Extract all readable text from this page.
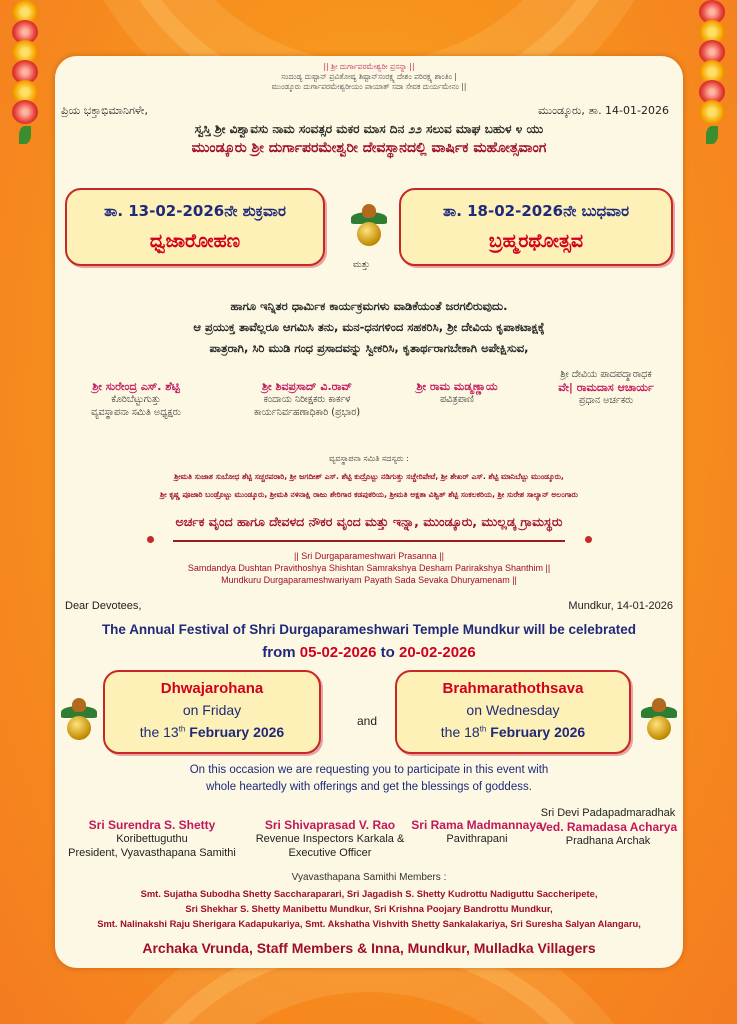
|| ಶ್ರೀ ದುರ್ಗಾಪರಮೇಶ್ವರೀ ಪ್ರಸನ್ನಾ ||
ಸಂದಂಡ್ಯ ದುಷ್ಟಾನ್ ಪ್ರವಿತೋಷ್ಯ ಶಿಷ್ಟಾನ್‌ಸಂರಕ್ಷ್ಯ ದೇಶಂ ಪರಿರಕ್ಷ್ಯ ಶಾಂತಿಂ |
ಮುಂಡ್ಕೂರು ದುರ್ಗಾಪರಮೇಶ್ವರೀಯಂ ಪಾಯಾತ್ ಸದಾ ಸೇವಕ ದುರ್ಯಮೇನಂ ||
ಪ್ರಿಯ ಭಕ್ತಾಭಿಮಾನಿಗಳೇ,	ಮುಂಡ್ಕೂರು, ತಾ. 14-01-2026
ಸ್ವಸ್ತಿ ಶ್ರೀ ವಿಶ್ವಾವಸು ನಾಮ ಸಂವತ್ಸರ ಮಕರ ಮಾಸ ದಿನ ೨೨ ಸಲುವ ಮಾಘ ಬಹುಳ ೪ ಯು
ಮುಂಡ್ಕೂರು ಶ್ರೀ ದುರ್ಗಾಪರಮೇಶ್ವರೀ ದೇವಸ್ಥಾನದಲ್ಲಿ ವಾರ್ಷಿಕ ಮಹೋತ್ಸವಾಂಗ
ತಾ. 13-02-2026ನೇ ಶುಕ್ರವಾರ
ಧ್ವಜಾರೋಹಣ
ಮತ್ತು
ತಾ. 18-02-2026ನೇ ಬುಧವಾರ
ಬ್ರಹ್ಮರಥೋತ್ಸವ
ಹಾಗೂ ಇನ್ನಿತರ ಧಾರ್ಮಿಕ ಕಾರ್ಯಕ್ರಮಗಳು ವಾಡಿಕೆಯಂತೆ ಜರಗಲಿರುವುದು.
ಆ ಪ್ರಯುಕ್ತ ತಾವೆಲ್ಲರೂ ಆಗಮಿಸಿ ತನು, ಮನ-ಧನಗಳಿಂದ ಸಹಕರಿಸಿ, ಶ್ರೀ ದೇವಿಯ ಕೃಪಾಕಟಾಕ್ಷಕ್ಕೆ
ಪಾತ್ರರಾಗಿ, ಸಿರಿ ಮುಡಿ ಗಂಧ ಪ್ರಸಾದವನ್ನು ಸ್ವೀಕರಿಸಿ, ಕೃತಾರ್ಥರಾಗಬೇಕಾಗಿ ಅಪೇಕ್ಷಿಸುವ,
ಶ್ರೀ ಸುರೇಂದ್ರ ಎಸ್. ಶೆಟ್ಟಿ
ಕೊರಿಬೆಟ್ಟುಗುತ್ತು
ವ್ಯವಸ್ಥಾಪನಾ ಸಮಿತಿ ಅಧ್ಯಕ್ಷರು
ಶ್ರೀ ಶಿವಪ್ರಸಾದ್ ವಿ.ರಾವ್
ಕಂದಾಯ ನಿರೀಕ್ಷಕರು ಕಾರ್ಕಳ
ಕಾರ್ಯನಿರ್ವಹಣಾಧಿಕಾರಿ (ಪ್ರಭಾರ)
ಶ್ರೀ ರಾಮ ಮಡ್ಮಣ್ಣಾಯ
ಪವಿತ್ರಪಾಣಿ
ಶ್ರೀ ದೇವಿಯ ಪಾದಪದ್ಮಾರಾಧಕ
ವೇ| ರಾಮದಾಸ ಆಚಾರ್ಯ
ಪ್ರಧಾನ ಅರ್ಚಕರು
ವ್ಯವಸ್ಥಾಪನಾ ಸಮಿತಿ ಸದಸ್ಯರು :
ಶ್ರೀಮತಿ ಸುಜಾತ ಸುಬೋಧ ಶೆಟ್ಟಿ ಸಚ್ಚರಪರಾರಿ, ಶ್ರೀ ಜಗದೀಶ್ ಎಸ್. ಶೆಟ್ಟಿ ಕುದ್ರೊಟ್ಟು ನಡಿಗುತ್ತು ಸಚ್ಚೇರಿಪೇಟೆ, ಶ್ರೀ ಶೇಖರ್ ಎಸ್. ಶೆಟ್ಟಿ ಮಾನಿಬೆಟ್ಟು ಮುಂಡ್ಕೂರು,
ಶ್ರೀ ಕೃಷ್ಣ ಪೂಜಾರಿ ಬಂಡ್ರೊಟ್ಟು ಮುಂಡ್ಕೂರು, ಶ್ರೀಮತಿ ನಳಿನಾಕ್ಷಿ ರಾಜು ಶೇರಿಗಾರ ಕಡಪುಕರಿಯ, ಶ್ರೀಮತಿ ಅಕ್ಷತಾ ವಿಶ್ವಿತ್ ಶೆಟ್ಟಿ ಸಂಕಲಕರಿಯ, ಶ್ರೀ ಸುರೇಶ ಸಾಲ್ಯಾನ್ ಅಲಂಗಾರು
ಅರ್ಚಕ ವೃಂದ ಹಾಗೂ ದೇವಳದ ನೌಕರ ವೃಂದ ಮತ್ತು ಇನ್ನಾ, ಮುಂಡ್ಕೂರು, ಮುಲ್ಲಡ್ಕ ಗ್ರಾಮಸ್ಥರು
|| Sri Durgaparameshwari Prasanna ||
Samdandya Dushtan Pravithoshya Shishtan Samrakshya Desham Parirakshya Shanthim ||
Mundkuru Durgaparameshwariyam Payath Sada Sevaka Dhuryamenam ||
Dear Devotees,	Mundkur, 14-01-2026
The Annual Festival of Shri Durgaparameshwari Temple Mundkur will be celebrated
from 05-02-2026 to 20-02-2026
Dhwajarohana
on Friday
the 13th February 2026
and
Brahmarathothsava
on Wednesday
the 18th February 2026
On this occasion we are requesting you to participate in this event with
whole heartedly with offerings and get the blessings of goddess.
Sri Surendra S. Shetty
Koribettuguthu
President, Vyavasthapana Samithi
Sri Shivaprasad V. Rao
Revenue Inspectors Karkala &
Executive Officer
Sri Rama Madmannaya
Pavithrapani
Sri Devi Padapadmaradhak
Ved. Ramadasa Acharya
Pradhana Archak
Vyavasthapana Samithi Members :
Smt. Sujatha Subodha Shetty Saccharaparari, Sri Jagadish S. Shetty Kudrottu Nadiguttu Saccheripete,
Sri Shekhar S. Shetty Manibettu Mundkur, Sri Krishna Poojary Bandrottu Mundkur,
Smt. Nalinakshi Raju Sherigara Kadapukariya, Smt. Akshatha Vishvith Shetty Sankalakariya, Sri Suresha Salyan Alangaru,
Archaka Vrunda, Staff Members & Inna, Mundkur, Mulladka Villagers
